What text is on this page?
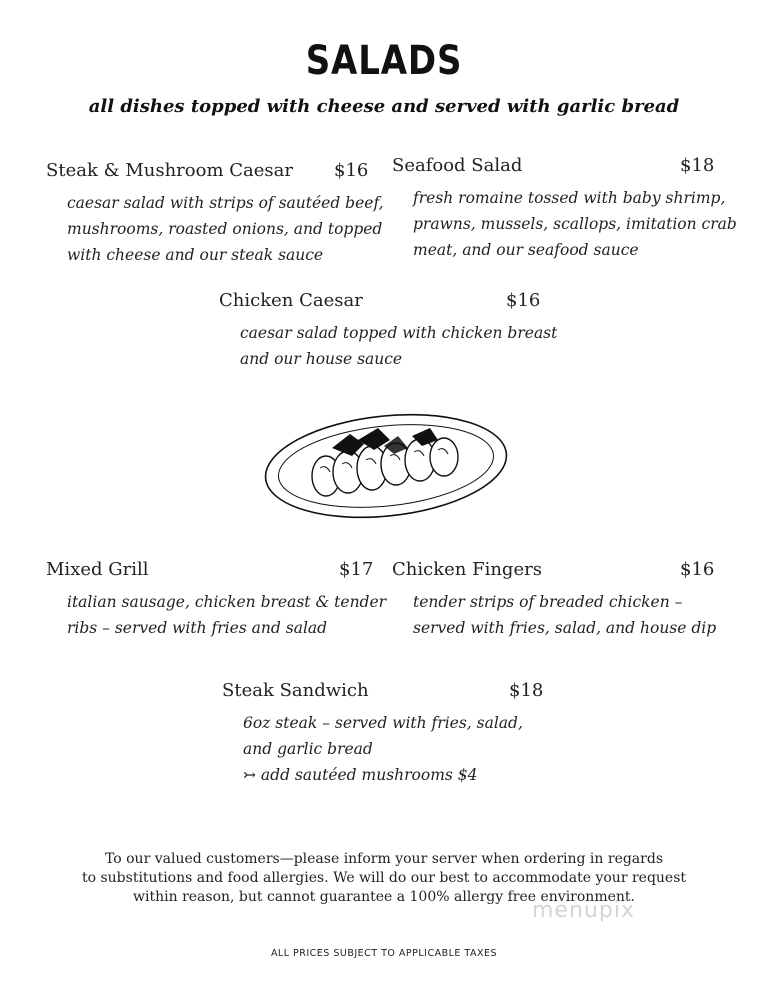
SALADS
all dishes topped with cheese and served with garlic bread
Steak & Mushroom Caesar $16
caesar salad with strips of sautéed beef,
mushrooms, roasted onions, and topped
with cheese and our steak sauce
Seafood Salad	$18
fresh romaine tossed with baby shrimp,
prawns, mussels, scallops, imitation crab
meat, and our seafood sauce
Chicken Caesar	$16
caesar salad topped with chicken breast
and our house sauce
Mixed Grill	$17
italian sausage, chicken breast & tender
ribs – served with fries and salad
Chicken Fingers	$16
tender strips of breaded chicken –
served with fries, salad, and house dip
Steak Sandwich	$18
6oz steak – served with fries, salad,
and garlic bread
↣ add sautéed mushrooms $4
To our valued customers—please inform your server when ordering in regards
to substitutions and food allergies. We will do our best to accommodate your request
within reason, but cannot guarantee a 100% allergy free environment.
menupix
ALL PRICES SUBJECT TO APPLICABLE TAXES
